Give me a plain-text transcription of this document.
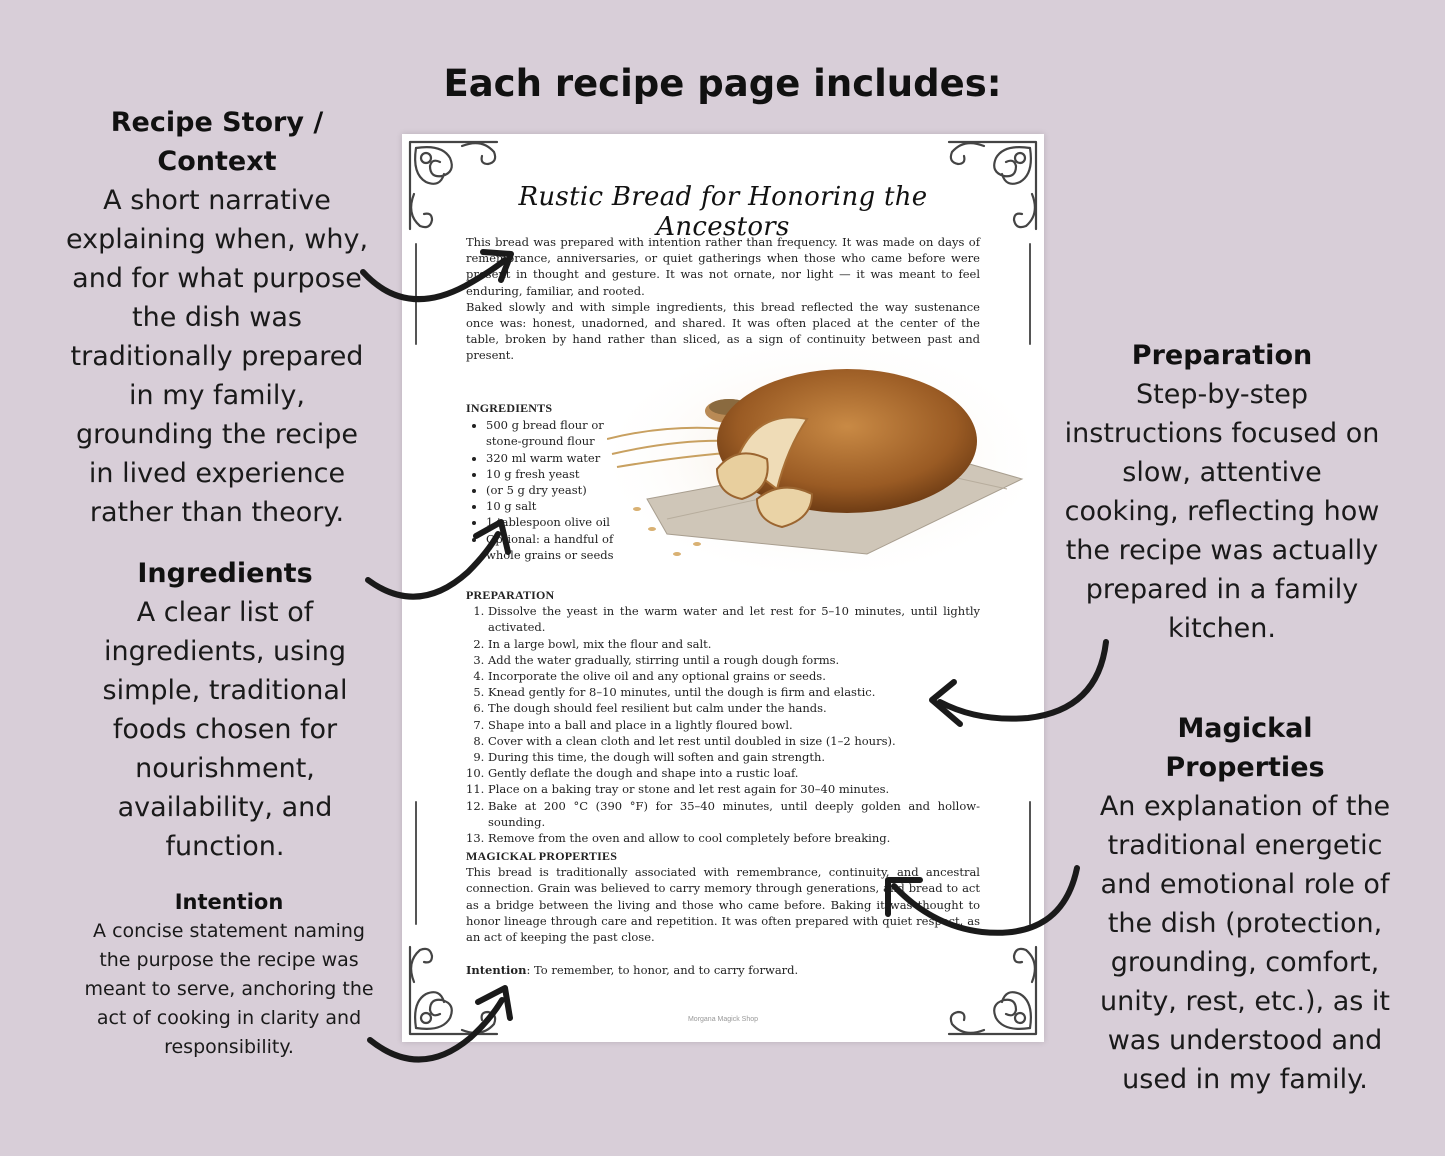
Each recipe page includes:
Recipe Story / Context
A short narrative explaining when, why, and for what purpose the dish was traditionally prepared in my family, grounding the recipe in lived experience rather than theory.
Ingredients
A clear list of ingredients, using simple, traditional foods chosen for nourishment, availability, and function.
Intention
A concise statement naming the purpose the recipe was meant to serve, anchoring the act of cooking in clarity and responsibility.
Preparation
Step-by-step instructions focused on slow, attentive cooking, reflecting how the recipe was actually prepared in a family kitchen.
Magickal Properties
An explanation of the traditional energetic and emotional role of the dish (protection, grounding, comfort, unity, rest, etc.), as it was understood and used in my family.
Rustic Bread for Honoring the Ancestors
This bread was prepared with intention rather than frequency. It was made on days of remembrance, anniversaries, or quiet gatherings when those who came before were present in thought and gesture. It was not ornate, nor light — it was meant to feel enduring, familiar, and rooted.
Baked slowly and with simple ingredients, this bread reflected the way sustenance once was: honest, unadorned, and shared. It was often placed at the center of the table, broken by hand rather than sliced, as a sign of continuity between past and present.
INGREDIENTS
• 500 g bread flour or stone-ground flour
• 320 ml warm water
• 10 g fresh yeast
• (or 5 g dry yeast)
• 10 g salt
• 1 tablespoon olive oil
• Optional: a handful of whole grains or seeds
PREPARATION
1. Dissolve the yeast in the warm water and let rest for 5–10 minutes, until lightly activated.
2. In a large bowl, mix the flour and salt.
3. Add the water gradually, stirring until a rough dough forms.
4. Incorporate the olive oil and any optional grains or seeds.
5. Knead gently for 8–10 minutes, until the dough is firm and elastic.
6. The dough should feel resilient but calm under the hands.
7. Shape into a ball and place in a lightly floured bowl.
8. Cover with a clean cloth and let rest until doubled in size (1–2 hours).
9. During this time, the dough will soften and gain strength.
10. Gently deflate the dough and shape into a rustic loaf.
11. Place on a baking tray or stone and let rest again for 30–40 minutes.
12. Bake at 200 °C (390 °F) for 35–40 minutes, until deeply golden and hollow-sounding.
13. Remove from the oven and allow to cool completely before breaking.
MAGICKAL PROPERTIES
This bread is traditionally associated with remembrance, continuity, and ancestral connection. Grain was believed to carry memory through generations, and bread to act as a bridge between the living and those who came before. Baking it was thought to honor lineage through care and repetition. It was often prepared with quiet respect, as an act of keeping the past close.
Intention: To remember, to honor, and to carry forward.
Morgana Magick Shop
